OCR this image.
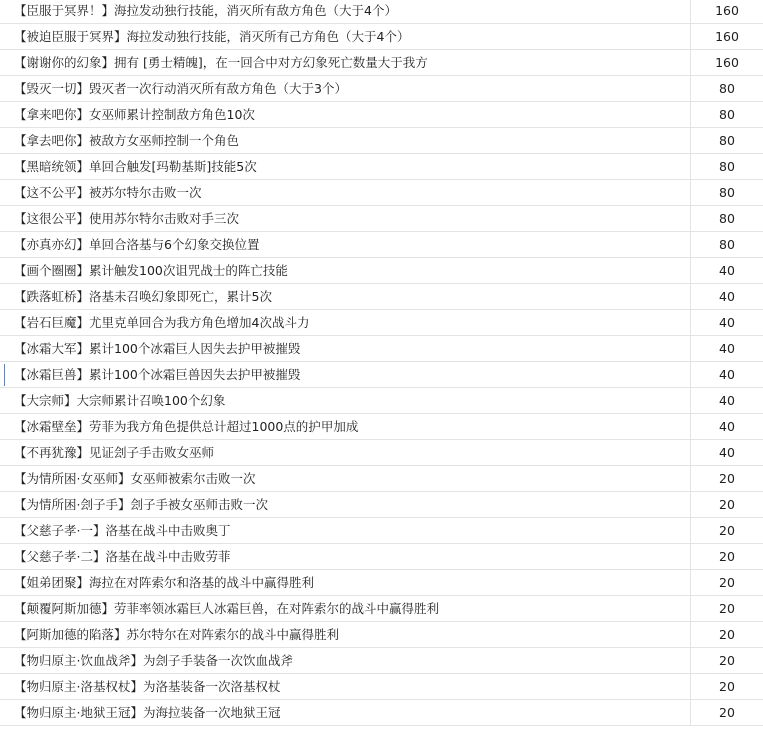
【臣服于冥界！】海拉发动独行技能，消灭所有敌方角色（大于4个）	160
【被迫臣服于冥界】海拉发动独行技能，消灭所有己方角色（大于4个）	160
【谢谢你的幻象】拥有 [勇士精魄]，在一回合中对方幻象死亡数量大于我方	160
【毁灭一切】毁灭者一次行动消灭所有敌方角色（大于3个）	80
【拿来吧你】女巫师累计控制敌方角色10次	80
【拿去吧你】被敌方女巫师控制一个角色	80
【黑暗统领】单回合触发[玛勒基斯]技能5次	80
【这不公平】被苏尔特尔击败一次	80
【这很公平】使用苏尔特尔击败对手三次	80
【亦真亦幻】单回合洛基与6个幻象交换位置	80
【画个圈圈】累计触发100次诅咒战士的阵亡技能	40
【跌落虹桥】洛基未召唤幻象即死亡，累计5次	40
【岩石巨魔】尤里克单回合为我方角色增加4次战斗力	40
【冰霜大军】累计100个冰霜巨人因失去护甲被摧毁	40
【冰霜巨兽】累计100个冰霜巨兽因失去护甲被摧毁	40
【大宗师】大宗师累计召唤100个幻象	40
【冰霜壁垒】劳菲为我方角色提供总计超过1000点的护甲加成	40
【不再犹豫】见证刽子手击败女巫师	40
【为情所困·女巫师】女巫师被索尔击败一次	20
【为情所困·刽子手】刽子手被女巫师击败一次	20
【父慈子孝·一】洛基在战斗中击败奥丁	20
【父慈子孝·二】洛基在战斗中击败劳菲	20
【姐弟团聚】海拉在对阵索尔和洛基的战斗中赢得胜利	20
【颠覆阿斯加德】劳菲率领冰霜巨人冰霜巨兽，在对阵索尔的战斗中赢得胜利	20
【阿斯加德的陷落】苏尔特尔在对阵索尔的战斗中赢得胜利	20
【物归原主·饮血战斧】为刽子手装备一次饮血战斧	20
【物归原主·洛基权杖】为洛基装备一次洛基权杖	20
【物归原主·地狱王冠】为海拉装备一次地狱王冠	20
